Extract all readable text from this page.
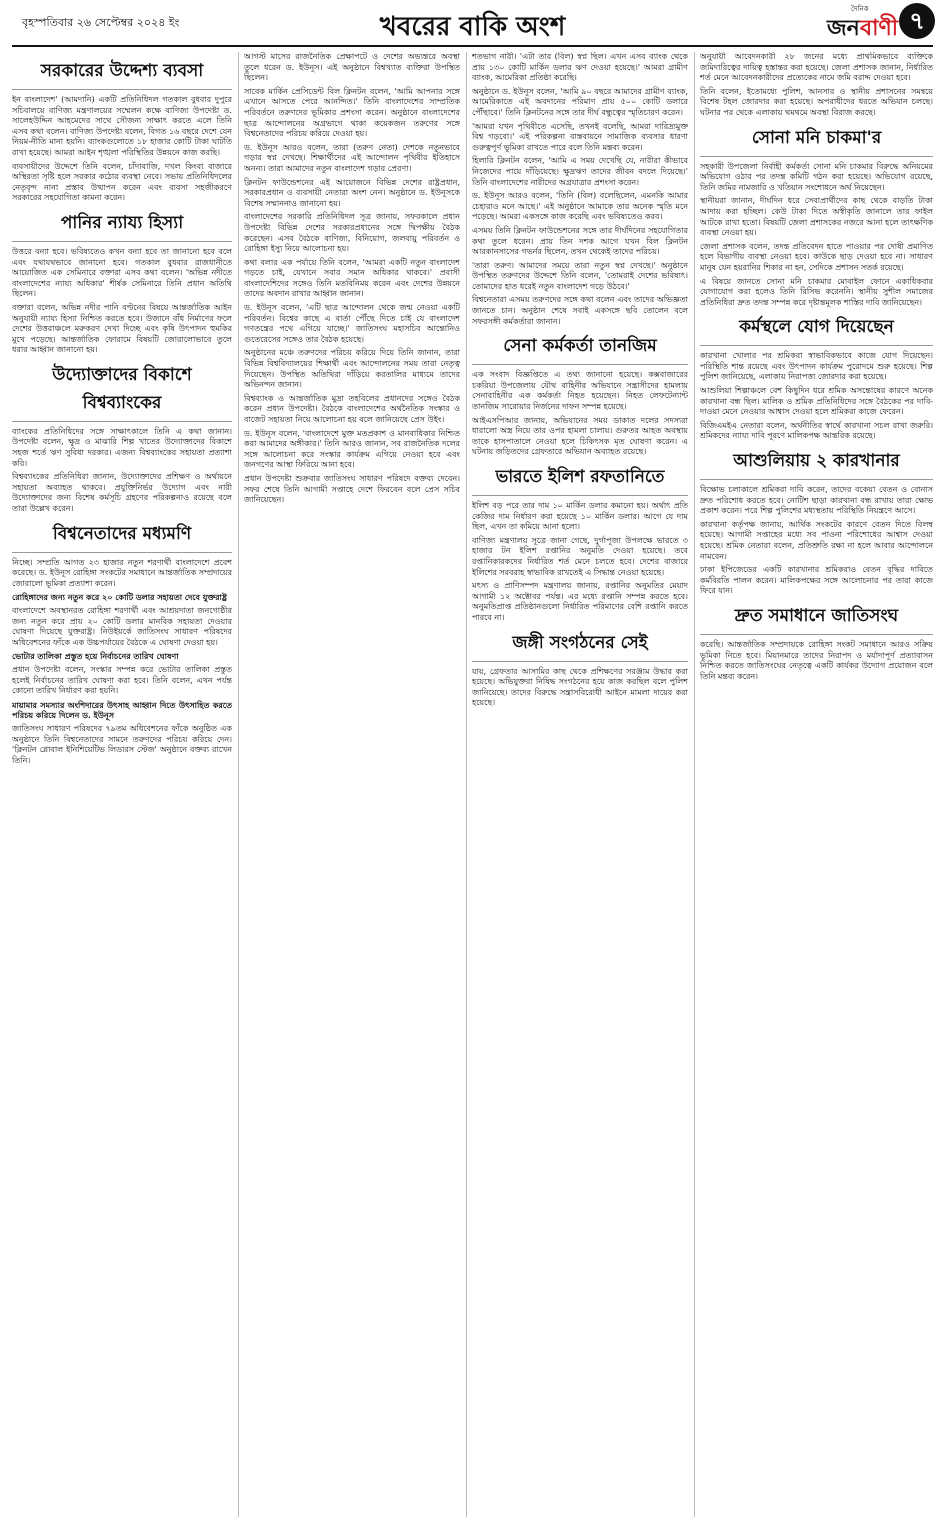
বৃহস্পতিবার ২৬ সেপ্টেম্বর ২০২৪ ইং	খবরের বাকি অংশ
দৈনিক
জনবাণী ৭
সরকারের উদ্দেশ্য ব্যবসা

ইন বাংলাদেশ' (আমদানি) একটি প্রতিনিধিদল গতকাল বুধবার দুপুরে সচিবালয়ে বাণিজ্য মন্ত্রণালয়ের সম্মেলন কক্ষে বাণিজ্য উপদেষ্টা ড. সালেহউদ্দিন আহমেদের সাথে সৌজন্য সাক্ষাৎ করতে এলে তিনি এসব কথা বলেন। বাণিজ্য উপদেষ্টা বলেন, বিগত ১৬ বছরে দেশে যেন নিয়ম-নীতি মানা হয়নি। ব্যাংকগুলোতে ১৮ হাজার কোটি টাকা ঘাটতি রাখা হয়েছে। আমরা আইন শৃঙ্খলা পরিস্থিতির উন্নয়নে কাজ করছি।

ব্যবসায়ীদের উদ্দেশে তিনি বলেন, চাঁদাবাজি, দখল কিংবা বাজারে অস্থিরতা সৃষ্টি হলে সরকার কঠোর ব্যবস্থা নেবে। সভায় প্রতিনিধিদলের নেতৃবৃন্দ নানা প্রস্তাব উত্থাপন করেন এবং ব্যবসা সহজীকরণে সরকারের সহযোগিতা কামনা করেন।

পানির ন্যায্য হিস্যা

উত্তরে বন্যা হবে। ভবিষ্যতেও কখন বন্যা হবে তা জানানো হবে বলে এবং যথাযথভাবে জানানো হবে। গতকাল বুধবার রাজধানীতে আয়োজিত এক সেমিনারে বক্তারা এসব কথা বলেন। 'অভিন্ন নদীতে বাংলাদেশের ন্যায্য অধিকার' শীর্ষক সেমিনারে তিনি প্রধান অতিথি ছিলেন।

বক্তারা বলেন, অভিন্ন নদীর পানি বণ্টনের বিষয়ে আন্তর্জাতিক আইন অনুযায়ী ন্যায্য হিস্যা নিশ্চিত করতে হবে। উজানে বাঁধ নির্মাণের ফলে দেশের উত্তরাঞ্চলে মরুকরণ দেখা দিচ্ছে এবং কৃষি উৎপাদন হুমকির মুখে পড়েছে। আন্তর্জাতিক ফোরামে বিষয়টি জোরালোভাবে তুলে ধরার আহ্বান জানানো হয়।

উদ্যোক্তাদের বিকাশে বিশ্বব্যাংকের

ব্যাংকের প্রতিনিধিদের সঙ্গে সাক্ষাৎকালে তিনি এ কথা জানান। উপদেষ্টা বলেন, ক্ষুদ্র ও মাঝারি শিল্প খাতের উদ্যোক্তাদের বিকাশে সহজ শর্তে ঋণ সুবিধা দরকার। এজন্য বিশ্বব্যাংকের সহায়তা প্রত্যাশা করি।

বিশ্বব্যাংকের প্রতিনিধিরা জানান, উদ্যোক্তাদের প্রশিক্ষণ ও অর্থায়নে সহায়তা অব্যাহত থাকবে। প্রযুক্তিনির্ভর উদ্যোগ এবং নারী উদ্যোক্তাদের জন্য বিশেষ কর্মসূচি গ্রহণের পরিকল্পনাও রয়েছে বলে তারা উল্লেখ করেন।

বিশ্বনেতাদের মধ্যমণি

নিচ্ছে। সম্প্রতি আগত ২৩ হাজার নতুন শরণার্থী বাংলাদেশে প্রবেশ করেছে। ড. ইউনূস রোহিঙ্গা সংকটের সমাধানে আন্তর্জাতিক সম্প্রদায়ের জোরালো ভূমিকা প্রত্যাশা করেন।

রোহিঙ্গাদের জন্য নতুন করে ২০ কোটি ডলার সহায়তা দেবে যুক্তরাষ্ট্র

বাংলাদেশে অবস্থানরত রোহিঙ্গা শরণার্থী এবং আশ্রয়দাতা জনগোষ্ঠীর জন্য নতুন করে প্রায় ২০ কোটি ডলার মানবিক সহায়তা দেওয়ার ঘোষণা দিয়েছে যুক্তরাষ্ট্র। নিউইয়র্কে জাতিসংঘ সাধারণ পরিষদের অধিবেশনের ফাঁকে এক উচ্চপর্যায়ের বৈঠকে এ ঘোষণা দেওয়া হয়।

ভোটার তালিকা প্রস্তুত হয়ে নির্বাচনের তারিখ ঘোষণা

প্রধান উপদেষ্টা বলেন, সংস্কার সম্পন্ন করে ভোটার তালিকা প্রস্তুত হলেই নির্বাচনের তারিখ ঘোষণা করা হবে। তিনি বলেন, এখন পর্যন্ত কোনো তারিখ নির্ধারণ করা হয়নি।

মায়ামার সমস্যার অংশিদারের উৎসাহ আহ্বান দিতে উৎসাহিত করতে পরিচয় করিয়ে দিলেন ড. ইউনূস

জাতিসংঘ সাধারণ পরিষদের ৭৯তম অধিবেশনের ফাঁকে অনুষ্ঠিত এক অনুষ্ঠানে তিনি বিশ্বনেতাদের সামনে তরুণদের পরিচয় করিয়ে দেন। 'ক্লিনটন গ্লোবাল ইনিশিয়েটিভ লিডারস স্টেজ' অনুষ্ঠানে বক্তব্য রাখেন তিনি।

আগস্ট মাসের রাজনৈতিক প্রেক্ষাপটে ও দেশের অভ্যন্তরে অবস্থা তুলে ধরেন ড. ইউনূস। এই অনুষ্ঠানে বিশ্বখ্যাত ব্যক্তিরা উপস্থিত ছিলেন।

সাবেক মার্কিন প্রেসিডেন্ট বিল ক্লিনটন বলেন, 'আমি আপনার সঙ্গে এখানে আসতে পেরে আনন্দিত।' তিনি বাংলাদেশের সাম্প্রতিক পরিবর্তনে তরুণদের ভূমিকার প্রশংসা করেন। অনুষ্ঠানে বাংলাদেশের ছাত্র আন্দোলনের অগ্রভাগে থাকা কয়েকজন তরুণের সঙ্গে বিশ্বনেতাদের পরিচয় করিয়ে দেওয়া হয়।

ড. ইউনূস আরও বলেন, তারা (তরুণ নেতা) দেশকে নতুনভাবে গড়ার স্বপ্ন দেখছে। শিক্ষার্থীদের এই আন্দোলন পৃথিবীর ইতিহাসে অনন্য। তারা আমাদের নতুন বাংলাদেশ গড়ার প্রেরণা।

ক্লিনটন ফাউন্ডেশনের এই আয়োজনে বিভিন্ন দেশের রাষ্ট্রপ্রধান, সরকারপ্রধান ও ব্যবসায়ী নেতারা অংশ নেন। অনুষ্ঠানে ড. ইউনূসকে বিশেষ সম্মাননাও জানানো হয়।

বাংলাদেশের সরকারি প্রতিনিধিদল সূত্র জানায়, সফরকালে প্রধান উপদেষ্টা বিভিন্ন দেশের সরকারপ্রধানের সঙ্গে দ্বিপক্ষীয় বৈঠক করেছেন। এসব বৈঠকে বাণিজ্য, বিনিয়োগ, জলবায়ু পরিবর্তন ও রোহিঙ্গা ইস্যু নিয়ে আলোচনা হয়।

কথা বলার এক পর্যায়ে তিনি বলেন, 'আমরা একটি নতুন বাংলাদেশ গড়তে চাই, যেখানে সবার সমান অধিকার থাকবে।' প্রবাসী বাংলাদেশিদের সঙ্গেও তিনি মতবিনিময় করেন এবং দেশের উন্নয়নে তাদের অবদান রাখার আহ্বান জানান।

ড. ইউনূস বলেন, 'এটি ছাত্র আন্দোলন থেকে জন্ম নেওয়া একটি পরিবর্তন। বিশ্বের কাছে এ বার্তা পৌঁছে দিতে চাই যে বাংলাদেশ গণতন্ত্রের পথে এগিয়ে যাচ্ছে।' জাতিসংঘ মহাসচিব আন্তোনিও গুতেরেসের সঙ্গেও তার বৈঠক হয়েছে।

অনুষ্ঠানের মঞ্চে তরুণদের পরিচয় করিয়ে দিয়ে তিনি জানান, তারা বিভিন্ন বিশ্ববিদ্যালয়ের শিক্ষার্থী এবং আন্দোলনের সময় তারা নেতৃত্ব দিয়েছেন। উপস্থিত অতিথিরা দাঁড়িয়ে করতালির মাধ্যমে তাদের অভিনন্দন জানান।

বিশ্বব্যাংক ও আন্তর্জাতিক মুদ্রা তহবিলের প্রধানদের সঙ্গেও বৈঠক করেন প্রধান উপদেষ্টা। বৈঠকে বাংলাদেশের অর্থনৈতিক সংস্কার ও বাজেট সহায়তা নিয়ে আলোচনা হয় বলে জানিয়েছে প্রেস উইং।

ড. ইউনূস বলেন, 'বাংলাদেশে মুক্ত মতপ্রকাশ ও মানবাধিকার নিশ্চিত করা আমাদের অঙ্গীকার।' তিনি আরও জানান, সব রাজনৈতিক দলের সঙ্গে আলোচনা করে সংস্কার কার্যক্রম এগিয়ে নেওয়া হবে এবং জনগণের আস্থা ফিরিয়ে আনা হবে।

প্রধান উপদেষ্টা শুক্রবার জাতিসংঘ সাধারণ পরিষদে বক্তব্য দেবেন। সফর শেষে তিনি আগামী সপ্তাহে দেশে ফিরবেন বলে প্রেস সচিব জানিয়েছেন।

শতভাগ নারী। 'এটা তার (বিল) স্বপ্ন ছিল। এখন এসব ব্যাংক থেকে প্রায় ১৩০ কোটি মার্কিন ডলার ঋণ দেওয়া হয়েছে।' আমরা গ্রামীণ ব্যাংক, আমেরিকা প্রতিষ্ঠা করেছি।

অনুষ্ঠানে ড. ইউনূস বলেন, 'আমি ৯০ বছরে আমাদের গ্রামীণ ব্যাংক, আমেরিকাতে এই অবদানের পরিমাণ প্রায় ৫০০ কোটি ডলারে পৌঁছাবে।' তিনি ক্লিনটনের সঙ্গে তার দীর্ঘ বন্ধুত্বের স্মৃতিচারণ করেন।

'আমরা যখন পৃথিবীতে এসেছি, তখনই বলেছি, আমরা দারিদ্র্যমুক্ত বিশ্ব গড়বো।' এই পরিকল্পনা বাস্তবায়নে সামাজিক ব্যবসার ধারণা গুরুত্বপূর্ণ ভূমিকা রাখতে পারে বলে তিনি মন্তব্য করেন।

হিলারি ক্লিনটন বলেন, 'আমি এ সময় দেখেছি যে, নারীরা কীভাবে নিজেদের পায়ে দাঁড়িয়েছে। ক্ষুদ্রঋণ তাদের জীবন বদলে দিয়েছে।' তিনি বাংলাদেশের নারীদের অগ্রযাত্রার প্রশংসা করেন।

ড. ইউনূস আরও বলেন, 'তিনি (বিল) বলেছিলেন, এমনকি আমার চেহারাও মনে আছে।' এই অনুষ্ঠানে আমাকে তার অনেক স্মৃতি মনে পড়েছে। আমরা একসঙ্গে কাজ করেছি এবং ভবিষ্যতেও করব।

এসময় তিনি ক্লিনটন ফাউন্ডেশনের সঙ্গে তার দীর্ঘদিনের সহযোগিতার কথা তুলে ধরেন। প্রায় তিন দশক আগে যখন বিল ক্লিনটন আরকানসাসের গভর্নর ছিলেন, তখন থেকেই তাদের পরিচয়।

'তারা তরুণ। আমাদের সময়ে তারা নতুন স্বপ্ন দেখছে।' অনুষ্ঠানে উপস্থিত তরুণদের উদ্দেশে তিনি বলেন, 'তোমরাই দেশের ভবিষ্যৎ। তোমাদের হাত ধরেই নতুন বাংলাদেশ গড়ে উঠবে।'

বিশ্বনেতারা এসময় তরুণদের সঙ্গে কথা বলেন এবং তাদের অভিজ্ঞতা জানতে চান। অনুষ্ঠান শেষে সবাই একসঙ্গে ছবি তোলেন বলে সফরসঙ্গী কর্মকর্তারা জানান।

সেনা কর্মকর্তা তানজিম

এক সংবাদ বিজ্ঞপ্তিতে এ তথ্য জানানো হয়েছে। কক্সবাজারের চকরিয়া উপজেলায় যৌথ বাহিনীর অভিযানে সন্ত্রাসীদের হামলায় সেনাবাহিনীর এক কর্মকর্তা নিহত হয়েছেন। নিহত লেফটেন্যান্ট তানজিম সারোয়ার নির্জনের দাফন সম্পন্ন হয়েছে।

আইএসপিআর জানায়, অভিযানের সময় ডাকাত দলের সদস্যরা ধারালো অস্ত্র নিয়ে তার ওপর হামলা চালায়। গুরুতর আহত অবস্থায় তাকে হাসপাতালে নেওয়া হলে চিকিৎসক মৃত ঘোষণা করেন। এ ঘটনায় জড়িতদের গ্রেফতারে অভিযান অব্যাহত রয়েছে।

ভারতে ইলিশ রফতানিতে

ইলিশ বড় পরে তার দাম ১০ মার্কিন ডলার কমানো হয়। অর্থাৎ প্রতি কেজির দাম নির্ধারণ করা হয়েছে ১০ মার্কিন ডলার। আগে যে দাম ছিল, এখন তা কমিয়ে আনা হলো।

বাণিজ্য মন্ত্রণালয় সূত্রে জানা গেছে, দুর্গাপূজা উপলক্ষে ভারতে ৩ হাজার টন ইলিশ রপ্তানির অনুমতি দেওয়া হয়েছে। তবে রপ্তানিকারকদের নির্ধারিত শর্ত মেনে চলতে হবে। দেশের বাজারে ইলিশের সরবরাহ স্বাভাবিক রাখতেই এ সিদ্ধান্ত নেওয়া হয়েছে।

মৎস্য ও প্রাণিসম্পদ মন্ত্রণালয় জানায়, রপ্তানির অনুমতির মেয়াদ আগামী ১২ অক্টোবর পর্যন্ত। এর মধ্যে রপ্তানি সম্পন্ন করতে হবে। অনুমতিপ্রাপ্ত প্রতিষ্ঠানগুলো নির্ধারিত পরিমাণের বেশি রপ্তানি করতে পারবে না।

জঙ্গী সংগঠনের সেই

যায়, গ্রেফতার আসামির কাছ থেকে প্রশিক্ষণের সরঞ্জাম উদ্ধার করা হয়েছে। অভিযুক্তরা নিষিদ্ধ সংগঠনের হয়ে কাজ করছিল বলে পুলিশ জানিয়েছে। তাদের বিরুদ্ধে সন্ত্রাসবিরোধী আইনে মামলা দায়ের করা হয়েছে।

অনুযায়ী আবেদনকারী ২৮ জনের মধ্যে প্রাথমিকভাবে ব্যক্তিকে জমিদারিত্বের দায়িত্ব হস্তান্তর করা হয়েছে। জেলা প্রশাসক জানান, নির্ধারিত শর্ত মেনে আবেদনকারীদের প্রত্যেকের নামে জমি বরাদ্দ দেওয়া হবে।

তিনি বলেন, ইতোমধ্যে পুলিশ, আনসার ও স্থানীয় প্রশাসনের সমন্বয়ে বিশেষ টহল জোরদার করা হয়েছে। অপরাধীদের ধরতে অভিযান চলছে। ঘটনার পর থেকে এলাকায় থমথমে অবস্থা বিরাজ করছে।

সোনা মনি চাকমা'র

সহকারী উপজেলা নির্বাহী কর্মকর্তা সোনা মনি চাকমার বিরুদ্ধে অনিয়মের অভিযোগ ওঠার পর তদন্ত কমিটি গঠন করা হয়েছে। অভিযোগ রয়েছে, তিনি জমির নামজারি ও খতিয়ান সংশোধনে অর্থ নিয়েছেন।

স্থানীয়রা জানান, দীর্ঘদিন ধরে সেবাপ্রার্থীদের কাছ থেকে বাড়তি টাকা আদায় করা হচ্ছিল। কেউ টাকা দিতে অস্বীকৃতি জানালে তার ফাইল আটকে রাখা হতো। বিষয়টি জেলা প্রশাসকের নজরে আনা হলে তাৎক্ষণিক ব্যবস্থা নেওয়া হয়।

জেলা প্রশাসক বলেন, তদন্ত প্রতিবেদন হাতে পাওয়ার পর দোষী প্রমাণিত হলে বিভাগীয় ব্যবস্থা নেওয়া হবে। কাউকে ছাড় দেওয়া হবে না। সাধারণ মানুষ যেন হয়রানির শিকার না হন, সেদিকে প্রশাসন সতর্ক রয়েছে।

এ বিষয়ে জানতে সোনা মনি চাকমার মোবাইল ফোনে একাধিকবার যোগাযোগ করা হলেও তিনি রিসিভ করেননি। স্থানীয় সুশীল সমাজের প্রতিনিধিরা দ্রুত তদন্ত সম্পন্ন করে দৃষ্টান্তমূলক শাস্তির দাবি জানিয়েছেন।

কর্মস্থলে যোগ দিয়েছেন

কারখানা খোলার পর শ্রমিকরা স্বাভাবিকভাবে কাজে যোগ দিয়েছেন। পরিস্থিতি শান্ত রয়েছে এবং উৎপাদন কার্যক্রম পুরোদমে শুরু হয়েছে। শিল্প পুলিশ জানিয়েছে, এলাকায় নিরাপত্তা জোরদার করা হয়েছে।

আশুলিয়া শিল্পাঞ্চলে বেশ কিছুদিন ধরে শ্রমিক অসন্তোষের কারণে অনেক কারখানা বন্ধ ছিল। মালিক ও শ্রমিক প্রতিনিধিদের সঙ্গে বৈঠকের পর দাবি-দাওয়া মেনে নেওয়ার আশ্বাস দেওয়া হলে শ্রমিকরা কাজে ফেরেন।

বিজিএমইএ নেতারা বলেন, অর্থনীতির স্বার্থে কারখানা সচল রাখা জরুরি। শ্রমিকদের ন্যায্য দাবি পূরণে মালিকপক্ষ আন্তরিক রয়েছে।

আশুলিয়ায় ২ কারখানার

বিক্ষোভ চলাকালে শ্রমিকরা দাবি করেন, তাদের বকেয়া বেতন ও বোনাস দ্রুত পরিশোধ করতে হবে। নোটিশ ছাড়া কারখানা বন্ধ রাখায় তারা ক্ষোভ প্রকাশ করেন। পরে শিল্প পুলিশের মধ্যস্থতায় পরিস্থিতি নিয়ন্ত্রণে আসে।

কারখানা কর্তৃপক্ষ জানায়, আর্থিক সংকটের কারণে বেতন দিতে বিলম্ব হয়েছে। আগামী সপ্তাহের মধ্যে সব পাওনা পরিশোধের আশ্বাস দেওয়া হয়েছে। শ্রমিক নেতারা বলেন, প্রতিশ্রুতি রক্ষা না হলে আবার আন্দোলনে নামবেন।

ঢাকা ইপিজেডের একটি কারখানার শ্রমিকরাও বেতন বৃদ্ধির দাবিতে কর্মবিরতি পালন করেন। মালিকপক্ষের সঙ্গে আলোচনার পর তারা কাজে ফিরে যান।

দ্রুত সমাধানে জাতিসংঘ

করেছি। আন্তর্জাতিক সম্প্রদায়কে রোহিঙ্গা সংকট সমাধানে আরও সক্রিয় ভূমিকা নিতে হবে। মিয়ানমারে তাদের নিরাপদ ও মর্যাদাপূর্ণ প্রত্যাবাসন নিশ্চিত করতে জাতিসংঘের নেতৃত্বে একটি কার্যকর উদ্যোগ প্রয়োজন বলে তিনি মন্তব্য করেন।
